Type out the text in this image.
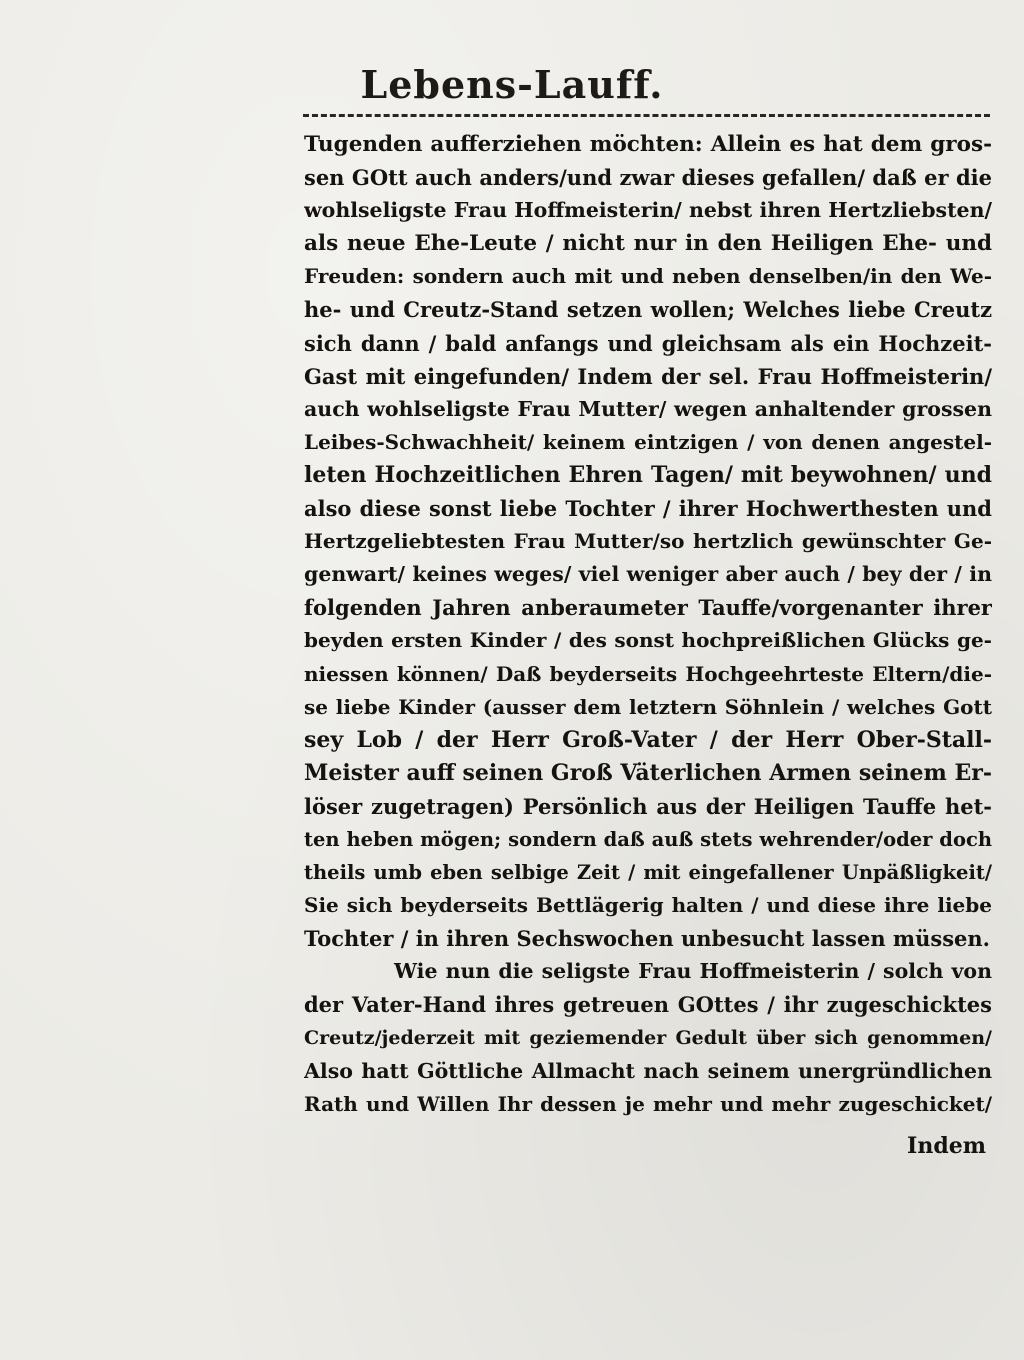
Lebens-Lauff.
Tugenden aufferziehen möchten: Allein es hat dem gros-
sen GOtt auch anders/und zwar dieses gefallen/ daß er die
wohlseligste Frau Hoffmeisterin/ nebst ihren Hertzliebsten/
als neue Ehe-Leute / nicht nur in den Heiligen Ehe- und
Freuden: sondern auch mit und neben denselben/in den We-
he- und Creutz-Stand setzen wollen; Welches liebe Creutz
sich dann / bald anfangs und gleichsam als ein Hochzeit-
Gast mit eingefunden/ Indem der sel. Frau Hoffmeisterin/
auch wohlseligste Frau Mutter/ wegen anhaltender grossen
Leibes-Schwachheit/ keinem eintzigen / von denen angestel-
leten Hochzeitlichen Ehren Tagen/ mit beywohnen/ und
also diese sonst liebe Tochter / ihrer Hochwerthesten und
Hertzgeliebtesten Frau Mutter/so hertzlich gewünschter Ge-
genwart/ keines weges/ viel weniger aber auch / bey der / in
folgenden Jahren anberaumeter Tauffe/vorgenanter ihrer
beyden ersten Kinder / des sonst hochpreißlichen Glücks ge-
niessen können/ Daß beyderseits Hochgeehrteste Eltern/die-
se liebe Kinder (ausser dem letztern Söhnlein / welches Gott
sey Lob / der Herr Groß-Vater / der Herr Ober-Stall-
Meister auff seinen Groß Väterlichen Armen seinem Er-
löser zugetragen) Persönlich aus der Heiligen Tauffe het-
ten heben mögen; sondern daß auß stets wehrender/oder doch
theils umb eben selbige Zeit / mit eingefallener Unpäßligkeit/
Sie sich beyderseits Bettlägerig halten / und diese ihre liebe
Tochter / in ihren Sechswochen unbesucht lassen müssen.
Wie nun die seligste Frau Hoffmeisterin / solch von
der Vater-Hand ihres getreuen GOttes / ihr zugeschicktes
Creutz/jederzeit mit geziemender Gedult über sich genommen/
Also hatt Göttliche Allmacht nach seinem unergründlichen
Rath und Willen Ihr dessen je mehr und mehr zugeschicket/
Indem
